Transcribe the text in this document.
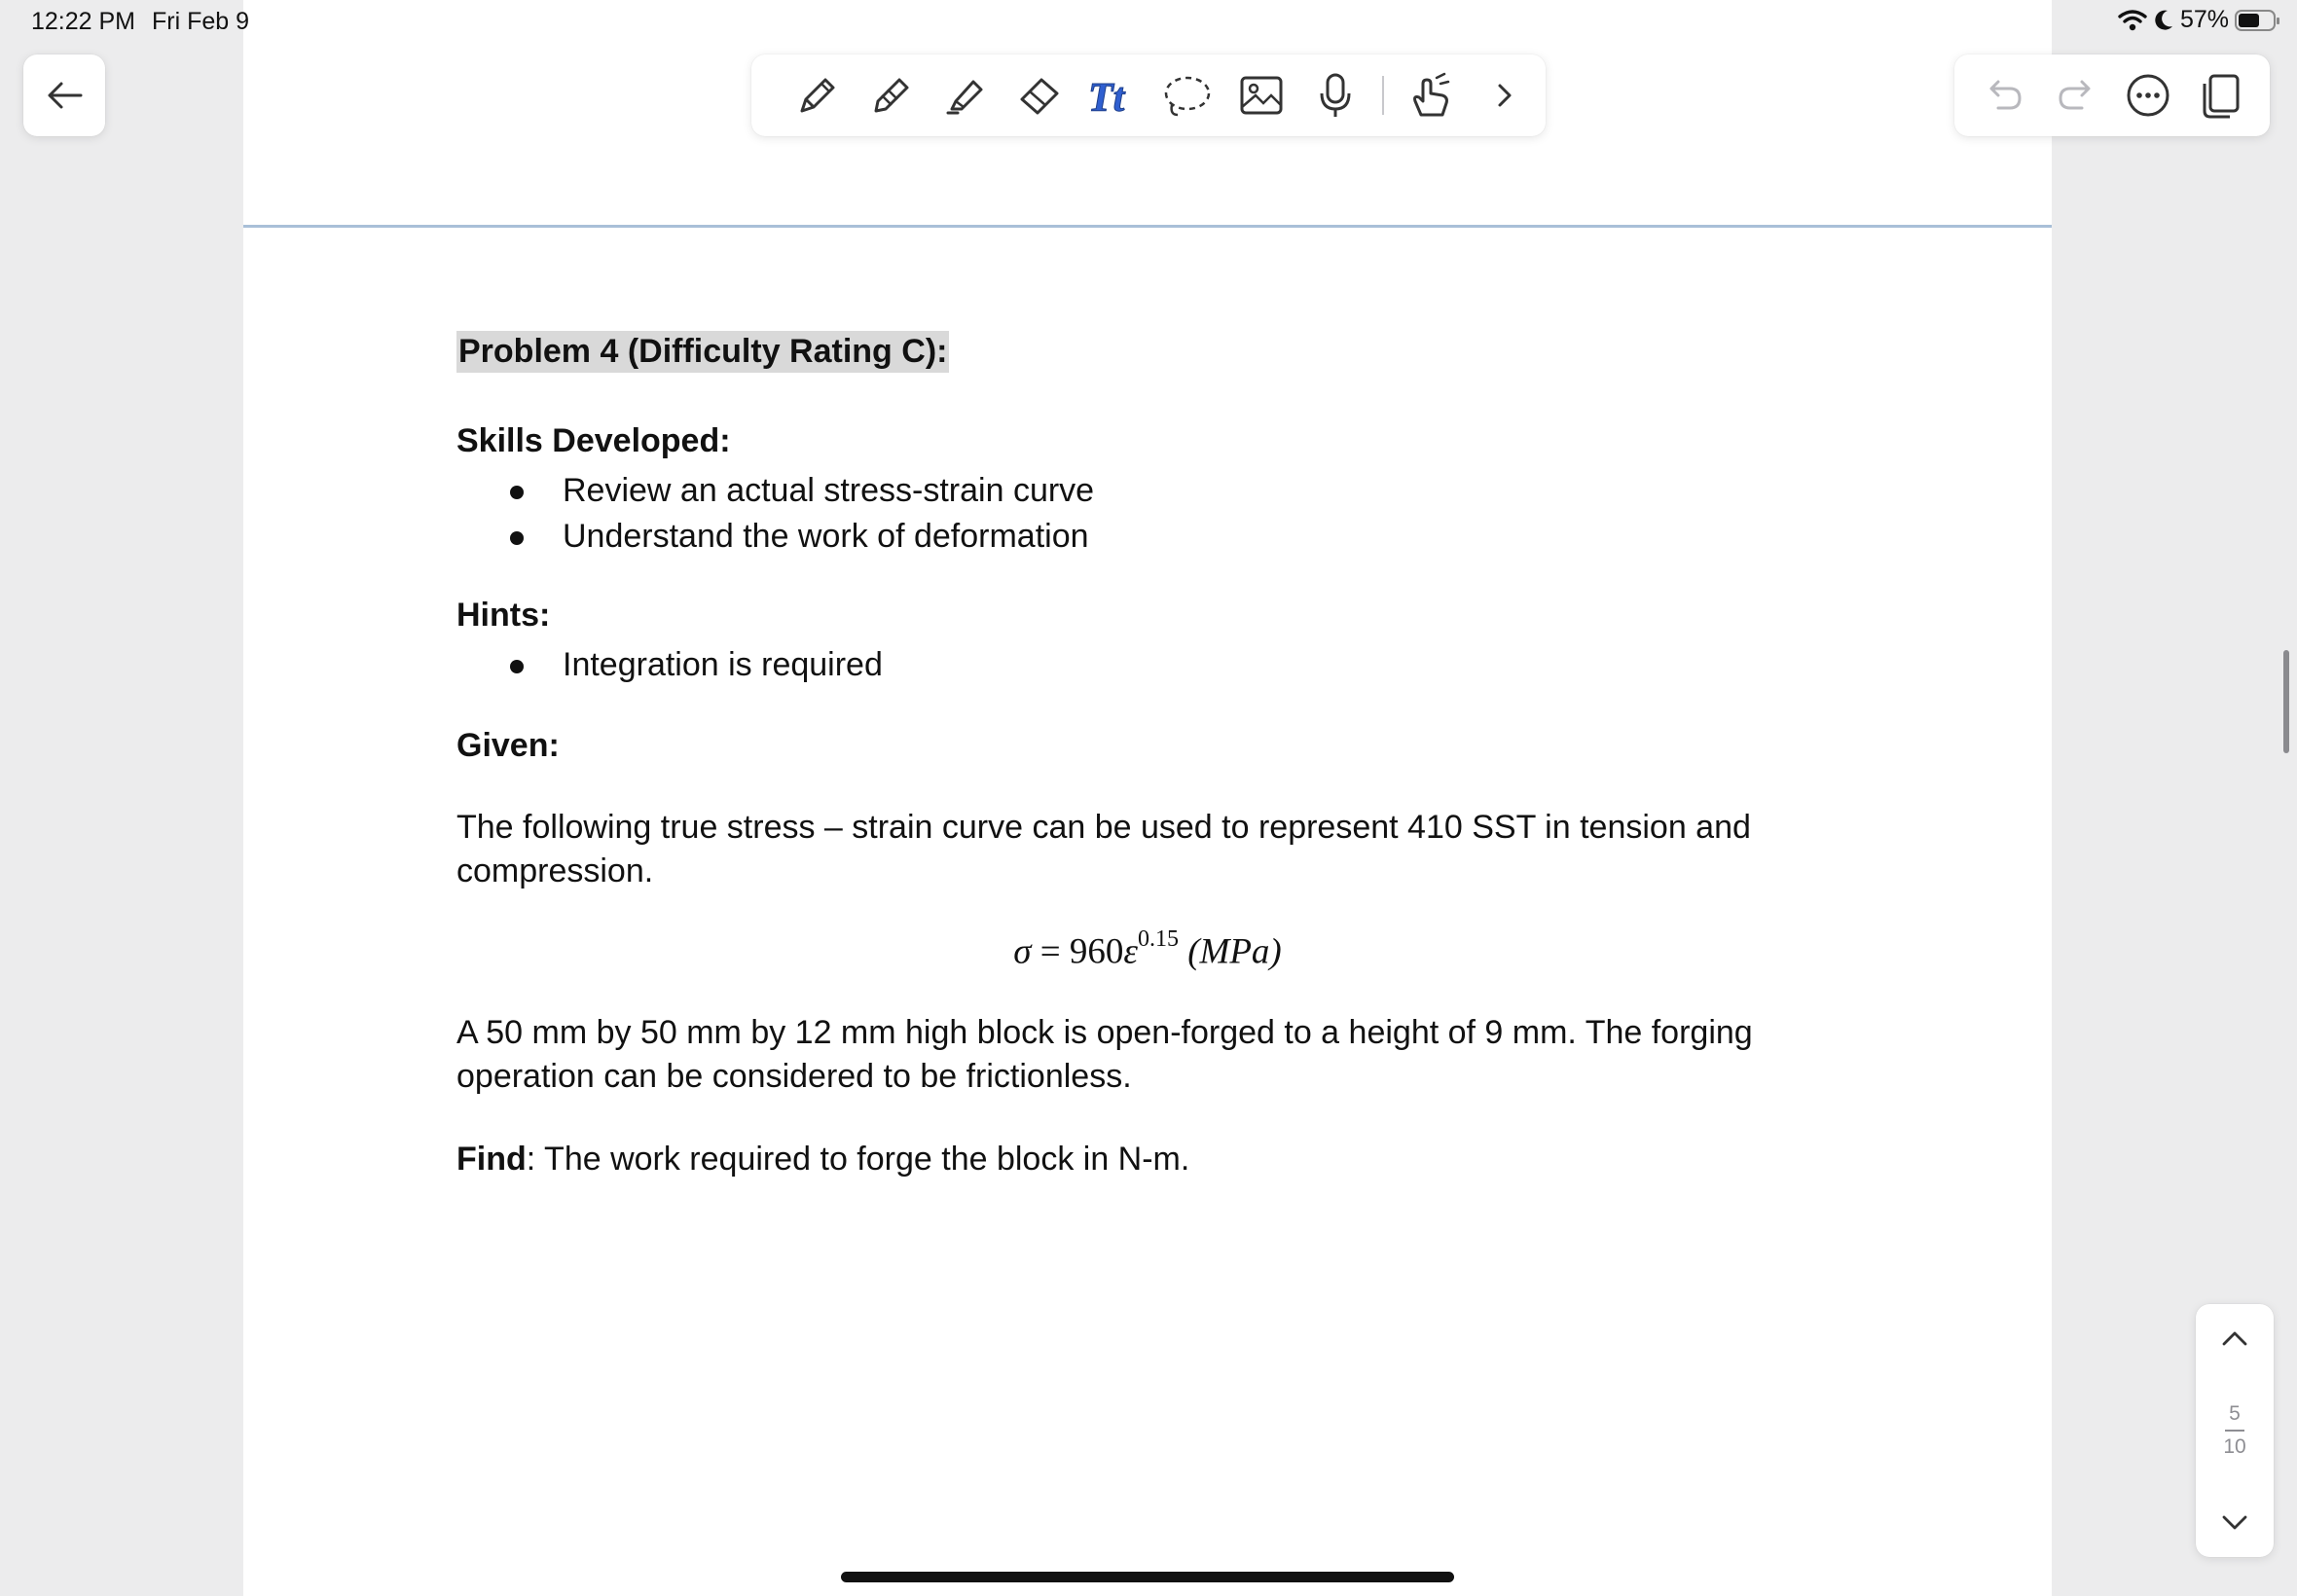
12:22 PM Fri Feb 9	57%
Tt
Problem 4 (Difficulty Rating C):

Skills Developed:

Review an actual stress-strain curve
Understand the work of deformation

Hints:

Integration is required

Given:

The following true stress – strain curve can be used to represent 410 SST in tension and compression.

$\sigma = 960\varepsilon^{0.15}$ (MPa)

A 50 mm by 50 mm by 12 mm high block is open-forged to a height of 9 mm. The forging operation can be considered to be frictionless.

Find: The work required to forge the block in N-m.

5
10
